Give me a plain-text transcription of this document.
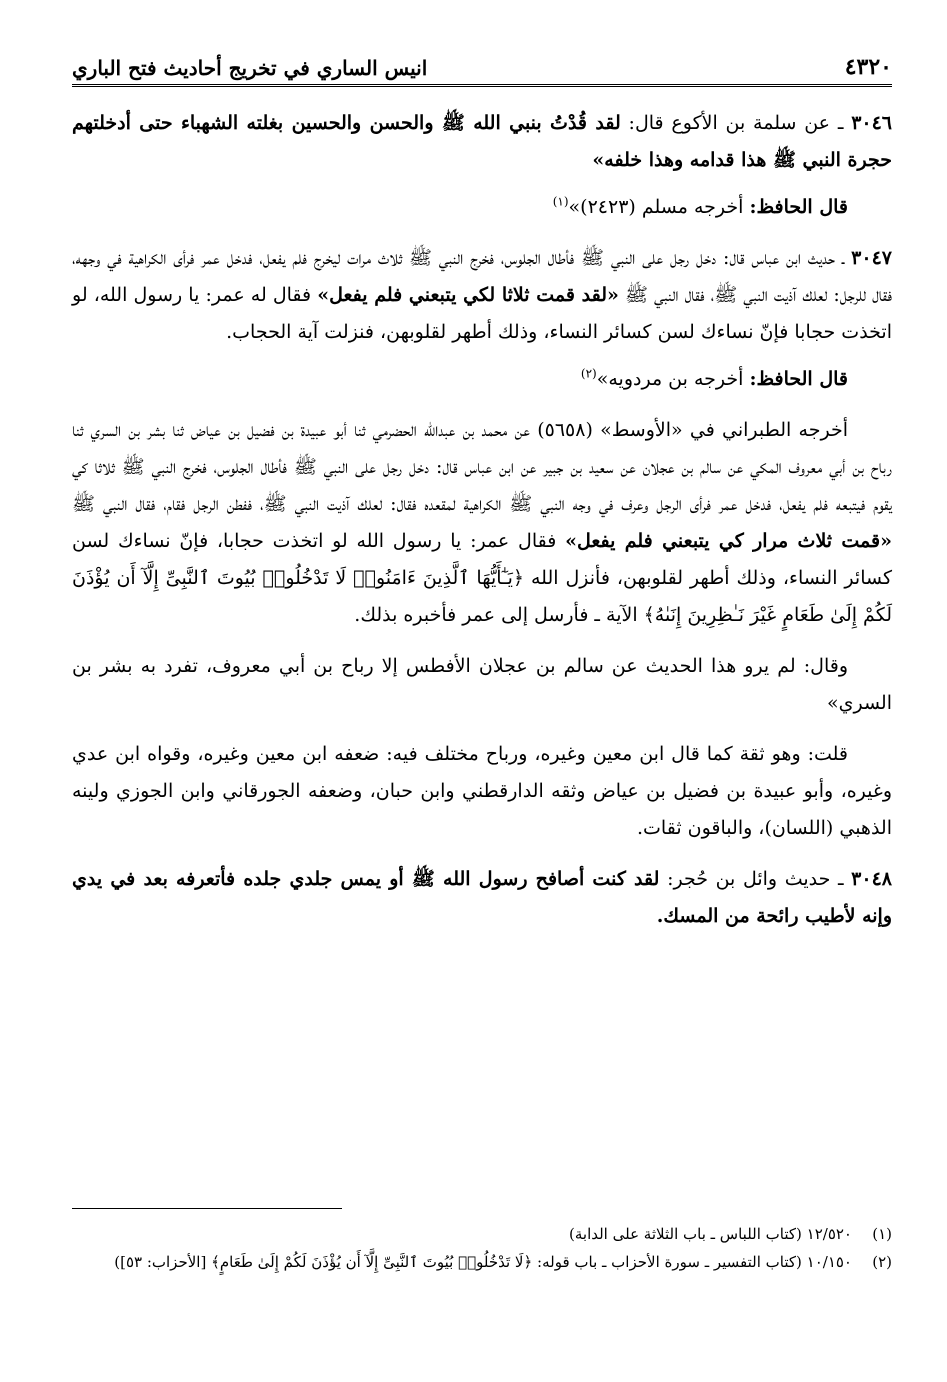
٤٣٢٠
انيس الساري في تخريج أحاديث فتح الباري
٣٠٤٦ ـ عن سلمة بن الأكوع قال: لقد قُدْتُ بنبي الله ﷺ والحسن والحسين بغلته الشهباء حتى أدخلتهم حجرة النبي ﷺ هذا قدامه وهذا خلفه»
قال الحافظ: أخرجه مسلم (٢٤٢٣)»$^{(١)}$
٣٠٤٧ ـ حديث ابن عباس قال: دخل رجل على النبي ﷺ فأطال الجلوس، فخرج النبي ﷺ ثلاث مرات ليخرج فلم يفعل، فدخل عمر فرأى الكراهية في وجهه، فقال للرجل: لعلك آذيت النبي ﷺ، فقال النبي ﷺ «لقد قمت ثلاثا لكي يتبعني فلم يفعل» فقال له عمر: يا رسول الله، لو اتخذت حجابا فإنّ نساءك لسن كسائر النساء، وذلك أطهر لقلوبهن، فنزلت آية الحجاب.
قال الحافظ: أخرجه بن مردويه»$^{(٢)}$
أخرجه الطبراني في «الأوسط» (٥٦٥٨) عن محمد بن عبدالله الحضرمي ثنا أبو عبيدة بن فضيل بن عياض ثنا بشر بن السري ثنا رباح بن أبي معروف المكي عن سالم بن عجلان عن سعيد بن جبير عن ابن عباس قال: دخل رجل على النبي ﷺ فأطال الجلوس، فخرج النبي ﷺ ثلاثا كي يقوم فيتبعه فلم يفعل، فدخل عمر فرأى الرجل وعرف في وجه النبي ﷺ الكراهية لمقعده فقال: لعلك آذيت النبي ﷺ، ففطن الرجل فقام، فقال النبي ﷺ «قمت ثلاث مرار كي يتبعني فلم يفعل» فقال عمر: يا رسول الله لو اتخذت حجابا، فإنّ نساءك لسن كسائر النساء، وذلك أطهر لقلوبهن، فأنزل الله ﴿يَـٰٓأَيُّهَا ٱلَّذِينَ ءَامَنُوا۟ لَا تَدْخُلُوا۟ بُيُوتَ ٱلنَّبِىِّ إِلَّآ أَن يُؤْذَنَ لَكُمْ إِلَىٰ طَعَامٍ غَيْرَ نَـٰظِرِينَ إِنَىٰهُ﴾ الآية ـ فأرسل إلى عمر فأخبره بذلك.
وقال: لم يرو هذا الحديث عن سالم بن عجلان الأفطس إلا رباح بن أبي معروف، تفرد به بشر بن السري»
قلت: وهو ثقة كما قال ابن معين وغيره، ورباح مختلف فيه: ضعفه ابن معين وغيره، وقواه ابن عدي وغيره، وأبو عبيدة بن فضيل بن عياض وثقه الدارقطني وابن حبان، وضعفه الجورقاني وابن الجوزي ولينه الذهبي (اللسان)، والباقون ثقات.
٣٠٤٨ ـ حديث وائل بن حُجر: لقد كنت أصافح رسول الله ﷺ أو يمس جلدي جلده فأتعرفه بعد في يدي وإنه لأطيب رائحة من المسك.
(١)
١٢/٥٢٠ (كتاب اللباس ـ باب الثلاثة على الدابة)
(٢)
١٠/١٥٠ (كتاب التفسير ـ سورة الأحزاب ـ باب قوله: ﴿لَا تَدْخُلُوا۟ بُيُوتَ ٱلنَّبِىِّ إِلَّآ أَن يُؤْذَنَ لَكُمْ إِلَىٰ طَعَامٍ﴾ [الأحزاب: ٥٣])
